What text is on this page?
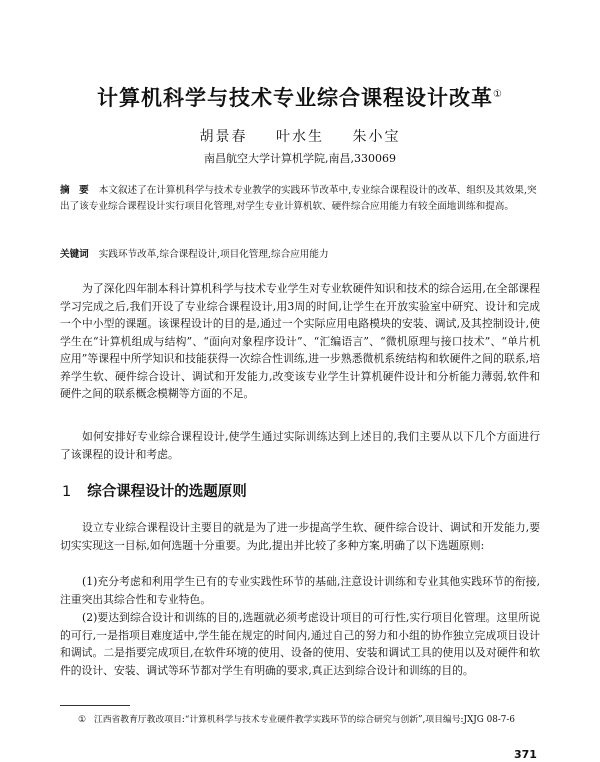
计算机科学与技术专业综合课程设计改革①
胡景春 叶水生 朱小宝
南昌航空大学计算机学院,南昌,330069
摘　要 本文叙述了在计算机科学与技术专业教学的实践环节改革中,专业综合课程设计的改革、组织及其效果,突出了该专业综合课程设计实行项目化管理,对学生专业计算机软、硬件综合应用能力有较全面地训练和提高。
关键词 实践环节改革,综合课程设计,项目化管理,综合应用能力
为了深化四年制本科计算机科学与技术专业学生对专业软硬件知识和技术的综合运用,在全部课程学习完成之后,我们开设了专业综合课程设计,用3周的时间,让学生在开放实验室中研究、设计和完成一个中小型的课题。该课程设计的目的是,通过一个实际应用电路模块的安装、调试,及其控制设计,使学生在“计算机组成与结构”、“面向对象程序设计”、“汇编语言”、“微机原理与接口技术”、“单片机应用”等课程中所学知识和技能获得一次综合性训练,进一步熟悉微机系统结构和软硬件之间的联系,培养学生软、硬件综合设计、调试和开发能力,改变该专业学生计算机硬件设计和分析能力薄弱,软件和硬件之间的联系概念模糊等方面的不足。
如何安排好专业综合课程设计,使学生通过实际训练达到上述目的,我们主要从以下几个方面进行了该课程的设计和考虑。
1 综合课程设计的选题原则
设立专业综合课程设计主要目的就是为了进一步提高学生软、硬件综合设计、调试和开发能力,要切实实现这一目标,如何选题十分重要。为此,提出并比较了多种方案,明确了以下选题原则:
(1)充分考虑和利用学生已有的专业实践性环节的基础,注意设计训练和专业其他实践环节的衔接,注重突出其综合性和专业特色。
(2)要达到综合设计和训练的目的,选题就必须考虑设计项目的可行性,实行项目化管理。这里所说的可行,一是指项目难度适中,学生能在规定的时间内,通过自己的努力和小组的协作独立完成项目设计和调试。二是指要完成项目,在软件环境的使用、设备的使用、安装和调试工具的使用以及对硬件和软件的设计、安装、调试等环节都对学生有明确的要求,真正达到综合设计和训练的目的。
① 江西省教育厅教改项目:“计算机科学与技术专业硬件教学实践环节的综合研究与创新”,项目编号:JXJG 08-7-6
371
